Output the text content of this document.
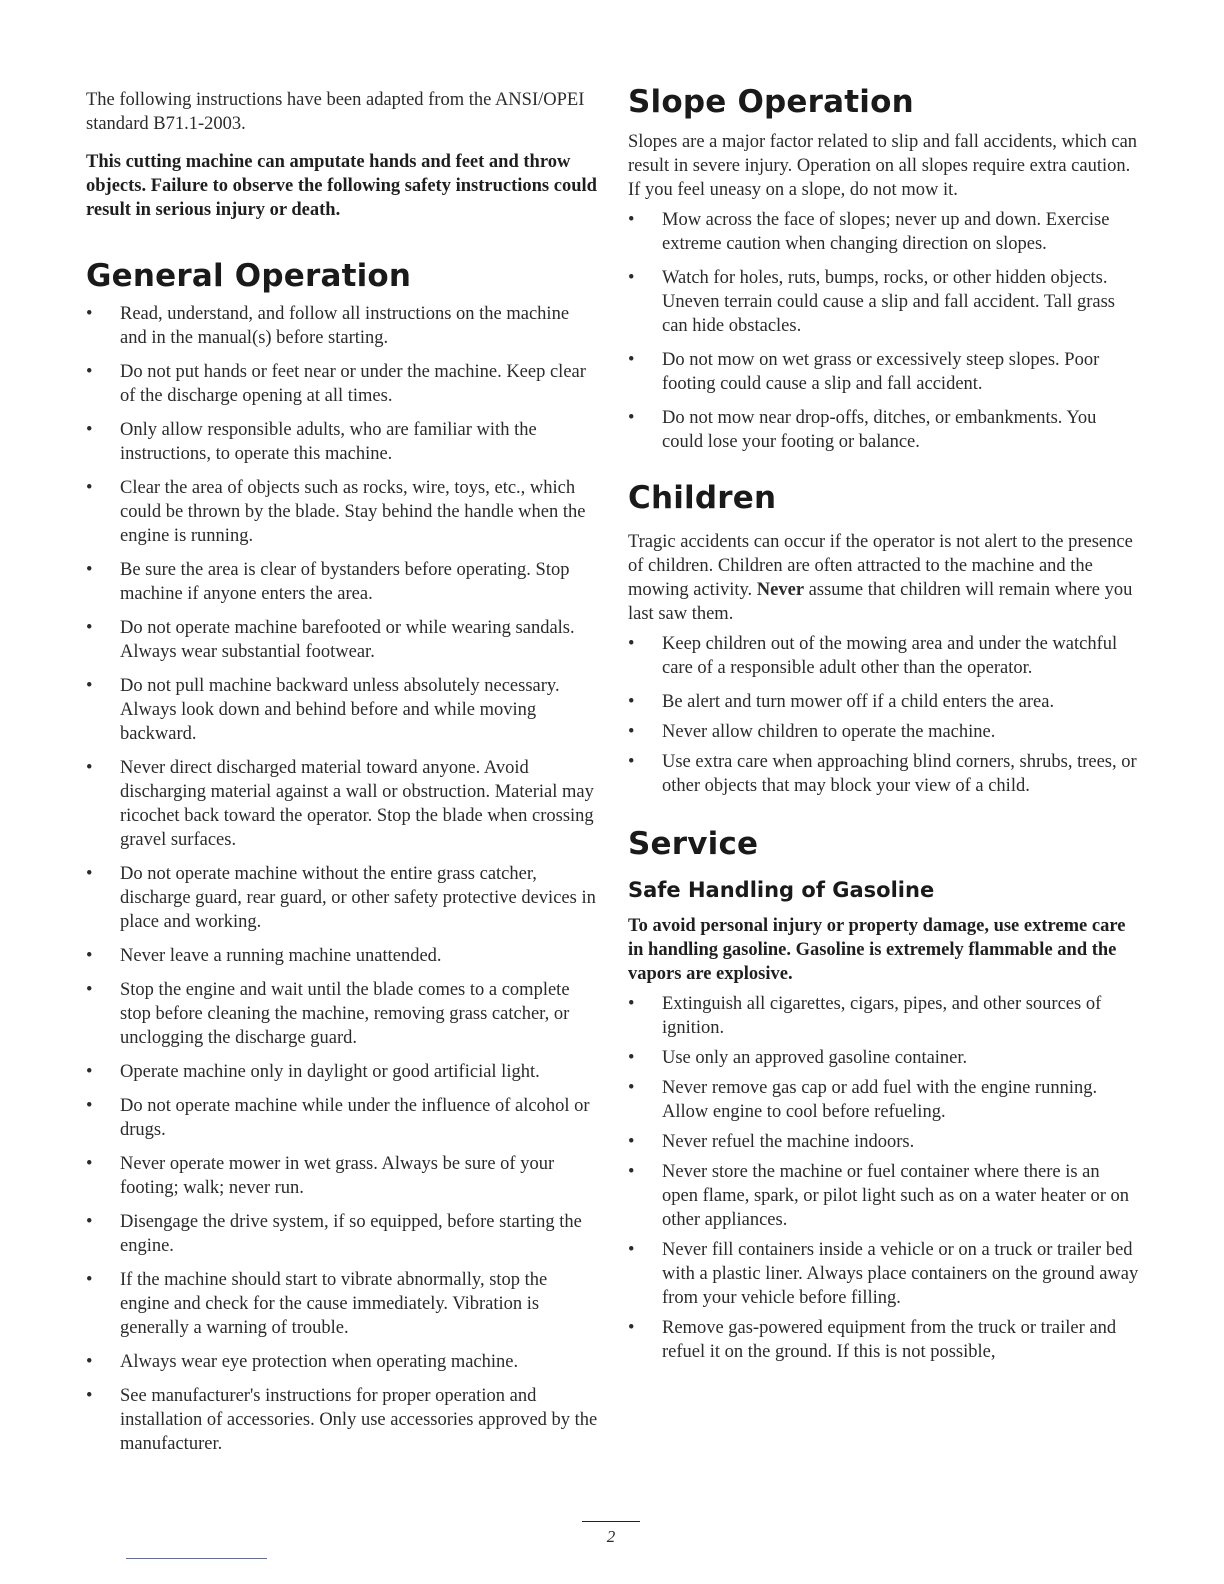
The following instructions have been adapted from the ANSI/OPEI standard B71.1-2003.

This cutting machine can amputate hands and feet and throw objects. Failure to observe the following safety instructions could result in serious injury or death.

General Operation
• Read, understand, and follow all instructions on the machine and in the manual(s) before starting.
• Do not put hands or feet near or under the machine. Keep clear of the discharge opening at all times.
• Only allow responsible adults, who are familiar with the instructions, to operate this machine.
• Clear the area of objects such as rocks, wire, toys, etc., which could be thrown by the blade. Stay behind the handle when the engine is running.
• Be sure the area is clear of bystanders before operating. Stop machine if anyone enters the area.
• Do not operate machine barefooted or while wearing sandals. Always wear substantial footwear.
• Do not pull machine backward unless absolutely necessary. Always look down and behind before and while moving backward.
• Never direct discharged material toward anyone. Avoid discharging material against a wall or obstruction. Material may ricochet back toward the operator. Stop the blade when crossing gravel surfaces.
• Do not operate machine without the entire grass catcher, discharge guard, rear guard, or other safety protective devices in place and working.
• Never leave a running machine unattended.
• Stop the engine and wait until the blade comes to a complete stop before cleaning the machine, removing grass catcher, or unclogging the discharge guard.
• Operate machine only in daylight or good artificial light.
• Do not operate machine while under the influence of alcohol or drugs.
• Never operate mower in wet grass. Always be sure of your footing; walk; never run.
• Disengage the drive system, if so equipped, before starting the engine.
• If the machine should start to vibrate abnormally, stop the engine and check for the cause immediately. Vibration is generally a warning of trouble.
• Always wear eye protection when operating machine.
• See manufacturer's instructions for proper operation and installation of accessories. Only use accessories approved by the manufacturer.
Slope Operation

Slopes are a major factor related to slip and fall accidents, which can result in severe injury. Operation on all slopes require extra caution. If you feel uneasy on a slope, do not mow it.

• Mow across the face of slopes; never up and down. Exercise extreme caution when changing direction on slopes.
• Watch for holes, ruts, bumps, rocks, or other hidden objects. Uneven terrain could cause a slip and fall accident. Tall grass can hide obstacles.
• Do not mow on wet grass or excessively steep slopes. Poor footing could cause a slip and fall accident.
• Do not mow near drop-offs, ditches, or embankments. You could lose your footing or balance.
Children

Tragic accidents can occur if the operator is not alert to the presence of children. Children are often attracted to the machine and the mowing activity. Never assume that children will remain where you last saw them.

• Keep children out of the mowing area and under the watchful care of a responsible adult other than the operator.
• Be alert and turn mower off if a child enters the area.
• Never allow children to operate the machine.
• Use extra care when approaching blind corners, shrubs, trees, or other objects that may block your view of a child.
Service
Safe Handling of Gasoline

To avoid personal injury or property damage, use extreme care in handling gasoline. Gasoline is extremely flammable and the vapors are explosive.

• Extinguish all cigarettes, cigars, pipes, and other sources of ignition.
• Use only an approved gasoline container.
• Never remove gas cap or add fuel with the engine running. Allow engine to cool before refueling.
• Never refuel the machine indoors.
• Never store the machine or fuel container where there is an open flame, spark, or pilot light such as on a water heater or on other appliances.
• Never fill containers inside a vehicle or on a truck or trailer bed with a plastic liner. Always place containers on the ground away from your vehicle before filling.
• Remove gas-powered equipment from the truck or trailer and refuel it on the ground. If this is not possible,
2
